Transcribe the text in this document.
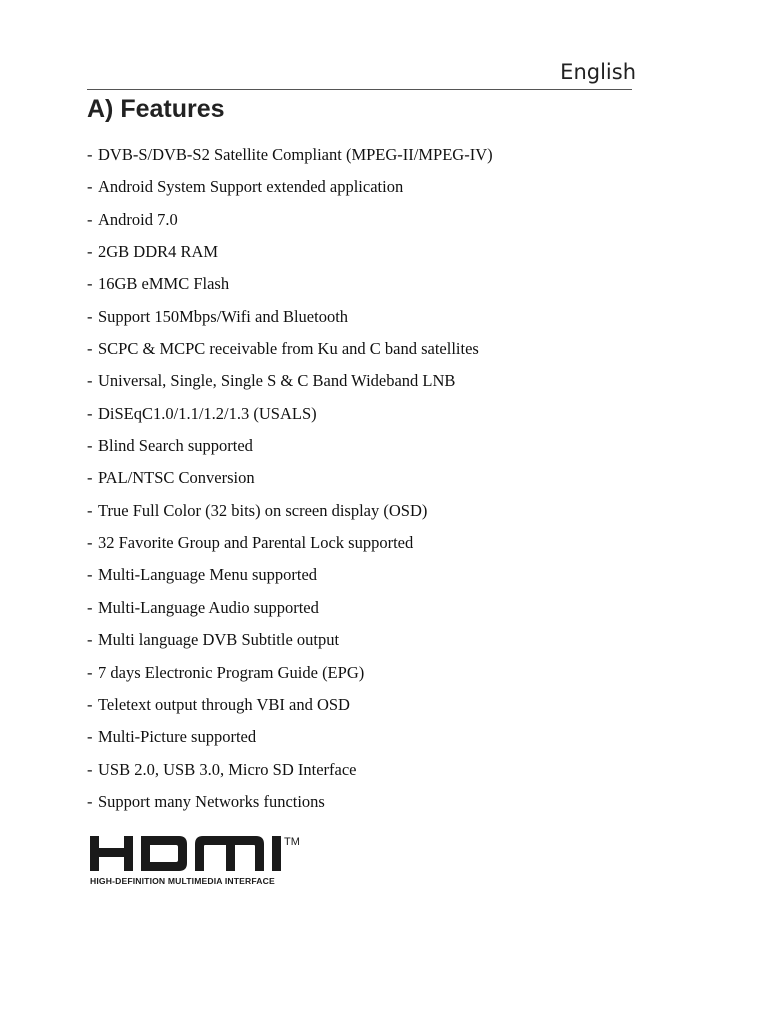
English
A) Features
- DVB-S/DVB-S2 Satellite Compliant (MPEG-II/MPEG-IV)
- Android System Support extended application
- Android 7.0
- 2GB DDR4 RAM
- 16GB eMMC Flash
- Support 150Mbps/Wifi and Bluetooth
- SCPC & MCPC receivable from Ku and C band satellites
- Universal, Single, Single S & C Band Wideband LNB
- DiSEqC1.0/1.1/1.2/1.3 (USALS)
- Blind Search supported
- PAL/NTSC Conversion
- True Full Color (32 bits) on screen display (OSD)
- 32 Favorite Group and Parental Lock supported
- Multi-Language Menu supported
- Multi-Language Audio supported
- Multi language DVB Subtitle output
- 7 days Electronic Program Guide (EPG)
- Teletext output through VBI and OSD
- Multi-Picture supported
- USB 2.0, USB 3.0, Micro SD Interface
- Support many Networks functions
TM
HIGH-DEFINITION MULTIMEDIA INTERFACE
